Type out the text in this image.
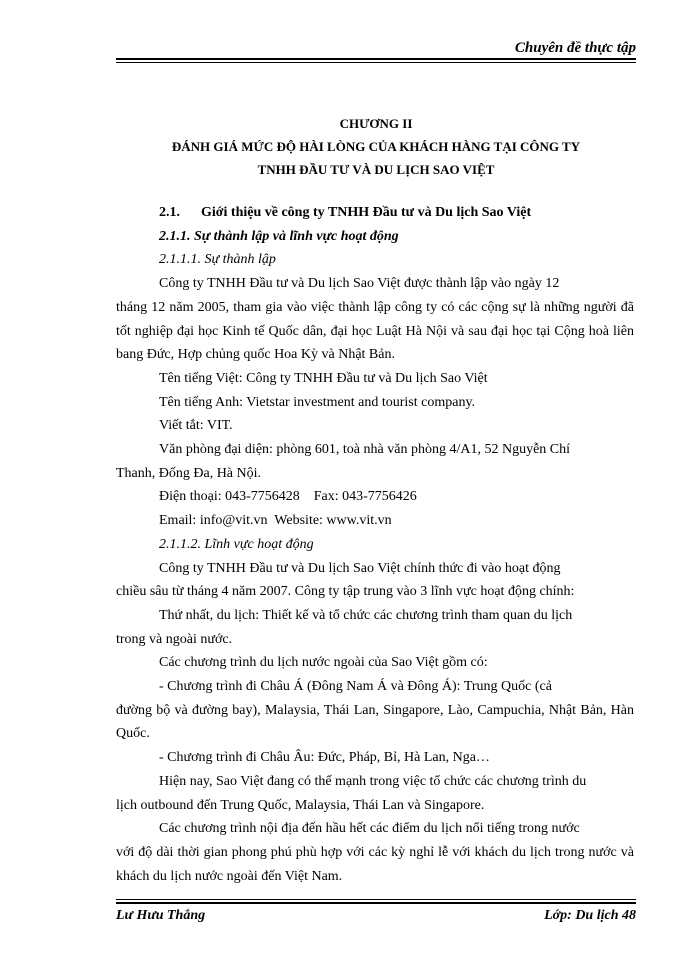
Chuyên đề thực tập
CHƯƠNG II
ĐÁNH GIÁ MỨC ĐỘ HÀI LÒNG CỦA KHÁCH HÀNG TẠI CÔNG TY
TNHH ĐẦU TƯ VÀ DU LỊCH SAO VIỆT

2.1. Giới thiệu về công ty TNHH Đầu tư và Du lịch Sao Việt

2.1.1. Sự thành lập và lĩnh vực hoạt động

2.1.1.1. Sự thành lập

Công ty TNHH Đầu tư và Du lịch Sao Việt được thành lập vào ngày 12

tháng 12 năm 2005, tham gia vào việc thành lập công ty có các cộng sự là những người đã tốt nghiệp đại học Kinh tế Quốc dân, đại học Luật Hà Nội và sau đại học tại Cộng hoà liên bang Đức, Hợp chủng quốc Hoa Kỳ và Nhật Bản.

Tên tiếng Việt: Công ty TNHH Đầu tư và Du lịch Sao Việt

Tên tiếng Anh: Vietstar investment and tourist company.

Viết tắt: VIT.

Văn phòng đại diện: phòng 601, toà nhà văn phòng 4/A1, 52 Nguyễn Chí

Thanh, Đống Đa, Hà Nội.

Điện thoại: 043-7756428    Fax: 043-7756426

Email: info@vit.vn  Website: www.vit.vn

2.1.1.2. Lĩnh vực hoạt động

Công ty TNHH Đầu tư và Du lịch Sao Việt chính thức đi vào hoạt động

chiều sâu từ tháng 4 năm 2007. Công ty tập trung vào 3 lĩnh vực hoạt động chính:

Thứ nhất, du lịch: Thiết kế và tổ chức các chương trình tham quan du lịch

trong và ngoài nước.

Các chương trình du lịch nước ngoài của Sao Việt gồm có:

- Chương trình đi Châu Á (Đông Nam Á và Đông Á): Trung Quốc (cả

đường bộ và đường bay), Malaysia, Thái Lan, Singapore, Lào, Campuchia, Nhật Bản, Hàn Quốc.

- Chương trình đi Châu Âu: Đức, Pháp, Bỉ, Hà Lan, Nga…

Hiện nay, Sao Việt đang có thế mạnh trong việc tổ chức các chương trình du

lịch outbound đến Trung Quốc, Malaysia, Thái Lan và Singapore.

Các chương trình nội địa đến hầu hết các điểm du lịch nổi tiếng trong nước

với độ dài thời gian phong phú phù hợp với các kỳ nghỉ lễ với khách du lịch trong nước và khách du lịch nước ngoài đến Việt Nam.

Lư Hưu Thắng	Lớp: Du lịch 48
